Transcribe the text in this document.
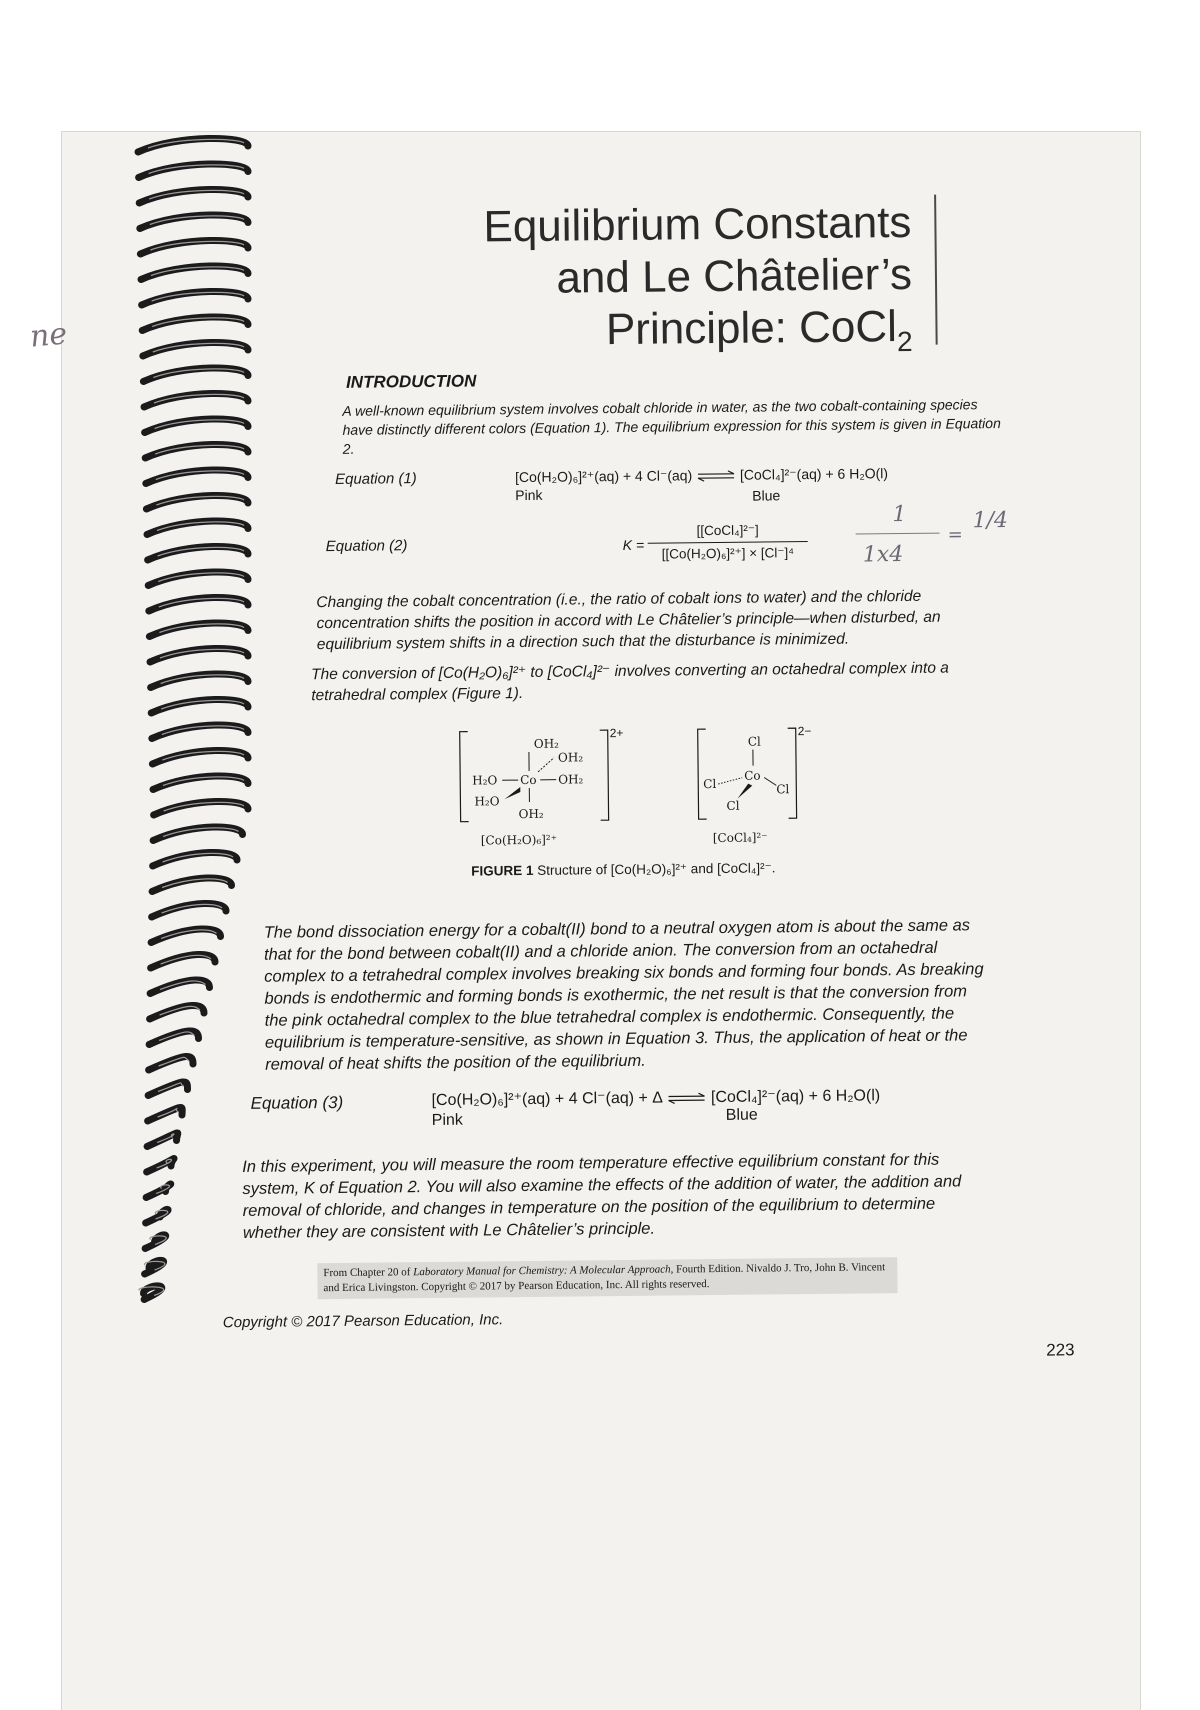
ne
Equilibrium Constants
and Le Châtelier’s
Principle: CoCl$_2$
INTRODUCTION
A well-known equilibrium system involves cobalt chloride in water, as the two cobalt-containing species have distinctly different colors (Equation 1). The equilibrium expression for this system is given in Equation 2.
Equation (1)	[Co(H₂O)₆]²⁺(aq) + 4 Cl⁻(aq) ⇌ [CoCl₄]²⁻(aq) + 6 H₂O(l)
Pink	Blue
Equation (2)	K =
[[CoCl₄]²⁻]
[[Co(H₂O)₆]²⁺] × [Cl⁻]⁴
1
1x4
=
1/4
Changing the cobalt concentration (i.e., the ratio of cobalt ions to water) and the chloride concentration shifts the position in accord with Le Châtelier’s principle—when disturbed, an equilibrium system shifts in a direction such that the disturbance is minimized.
The conversion of [Co(H₂O)₆]²⁺ to [CoCl₄]²⁻ involves converting an octahedral complex into a tetrahedral complex (Figure 1).
OH₂
OH₂
H₂O Co OH₂
H₂O
OH₂
2+
[Co(H₂O)₆]²⁺
Cl
Co
Cl	Cl
Cl
2−
[CoCl₄]²⁻
FIGURE 1 Structure of [Co(H₂O)₆]²⁺ and [CoCl₄]²⁻.
The bond dissociation energy for a cobalt(II) bond to a neutral oxygen atom is about the same as that for the bond between cobalt(II) and a chloride anion. The conversion from an octahedral complex to a tetrahedral complex involves breaking six bonds and forming four bonds. As breaking bonds is endothermic and forming bonds is exothermic, the net result is that the conversion from the pink octahedral complex to the blue tetrahedral complex is endothermic. Consequently, the equilibrium is temperature-sensitive, as shown in Equation 3. Thus, the application of heat or the removal of heat shifts the position of the equilibrium.
Equation (3)	[Co(H₂O)₆]²⁺(aq) + 4 Cl⁻(aq) + Δ ⇌ [CoCl₄]²⁻(aq) + 6 H₂O(l)
Pink	Blue
In this experiment, you will measure the room temperature effective equilibrium constant for this system, K of Equation 2. You will also examine the effects of the addition of water, the addition and removal of chloride, and changes in temperature on the position of the equilibrium to determine whether they are consistent with Le Châtelier’s principle.
From Chapter 20 of Laboratory Manual for Chemistry: A Molecular Approach, Fourth Edition. Nivaldo J. Tro, John B. Vincent and Erica Livingston. Copyright © 2017 by Pearson Education, Inc. All rights reserved.
Copyright © 2017 Pearson Education, Inc.
223
